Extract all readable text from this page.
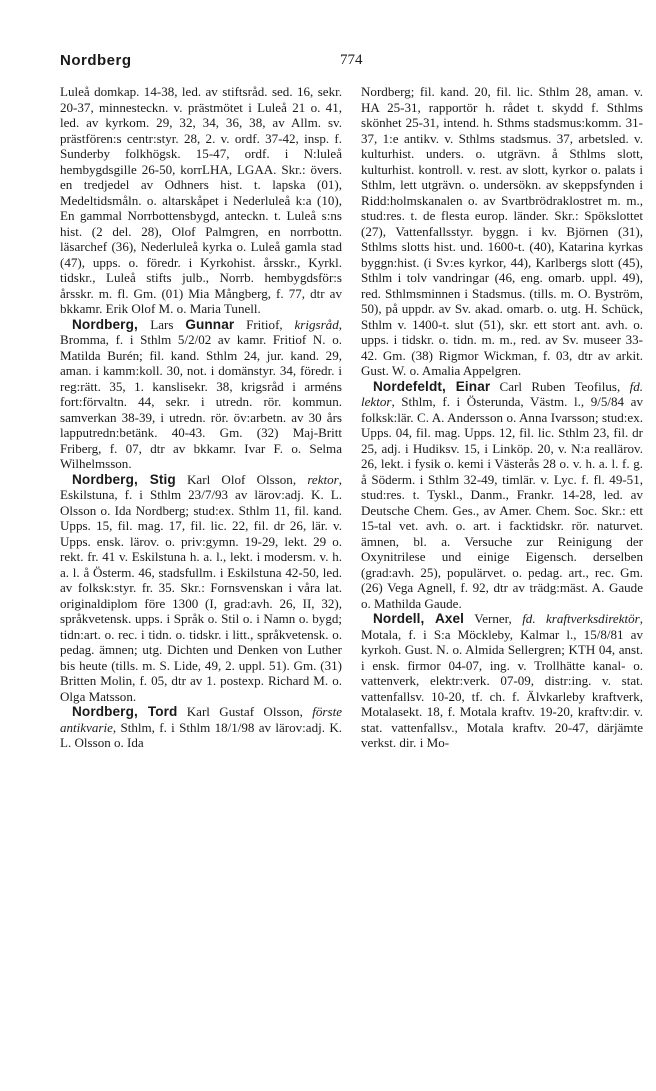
Nordberg	774

Luleå domkap. 14-38, led. av stiftsråd. sed. 16, sekr. 20-37, minnesteckn. v. prästmötet i Luleå 21 o. 41, led. av kyrkom. 29, 32, 34, 36, 38, av Allm. sv. prästfören:s centr:styr. 28, 2. v. ordf. 37-42, insp. f. Sunderby folkhögsk. 15-47, ordf. i N:luleå hembygdsgille 26-50, korrLHA, LGAA. Skr.: övers. en tredjedel av Odhners hist. t. lapska (01), Medeltidsmåln. o. altarskåpet i Nederluleå k:a (10), En gammal Norrbottensbygd, anteckn. t. Luleå s:ns hist. (2 del. 28), Olof Palmgren, en norrbottn. läsarchef (36), Nederluleå kyrka o. Luleå gamla stad (47), upps. o. föredr. i Kyrkohist. årsskr., Kyrkl. tidskr., Luleå stifts julb., Norrb. hembygdsför:s årsskr. m. fl. Gm. (01) Mia Mångberg, f. 77, dtr av bkkamr. Erik Olof M. o. Maria Tunell.

Nordberg, Lars Gunnar Fritiof, krigsråd, Bromma, f. i Sthlm 5/2/02 av kamr. Fritiof N. o. Matilda Burén; fil. kand. Sthlm 24, jur. kand. 29, aman. i kamm:koll. 30, not. i domänstyr. 34, föredr. i reg:rätt. 35, 1. kanslisekr. 38, krigsråd i arméns fort:förvaltn. 44, sekr. i utredn. rör. kommun. samverkan 38-39, i utredn. rör. öv:arbetn. av 30 års lapputredn:betänk. 40-43. Gm. (32) Maj-Britt Friberg, f. 07, dtr av bkkamr. Ivar F. o. Selma Wilhelmsson.

Nordberg, Stig Karl Olof Olsson, rektor, Eskilstuna, f. i Sthlm 23/7/93 av lärov:adj. K. L. Olsson o. Ida Nordberg; stud:ex. Sthlm 11, fil. kand. Upps. 15, fil. mag. 17, fil. lic. 22, fil. dr 26, lär. v. Upps. ensk. lärov. o. priv:gymn. 19-29, lekt. 29 o. rekt. fr. 41 v. Eskilstuna h. a. l., lekt. i modersm. v. h. a. l. å Österm. 46, stadsfullm. i Eskilstuna 42-50, led. av folksk:styr. fr. 35. Skr.: Fornsvenskan i våra lat. originaldiplom före 1300 (I, grad:avh. 26, II, 32), språkvetensk. upps. i Språk o. Stil o. i Namn o. bygd; tidn:art. o. rec. i tidn. o. tidskr. i litt., språkvetensk. o. pedag. ämnen; utg. Dichten und Denken von Luther bis heute (tills. m. S. Lide, 49, 2. uppl. 51). Gm. (31) Britten Molin, f. 05, dtr av 1. postexp. Richard M. o. Olga Matsson.

Nordberg, Tord Karl Gustaf Olsson, förste antikvarie, Sthlm, f. i Sthlm 18/1/98 av lärov:adj. K. L. Olsson o. Ida

Nordberg; fil. kand. 20, fil. lic. Sthlm 28, aman. v. HA 25-31, rapportör h. rådet t. skydd f. Sthlms skönhet 25-31, intend. h. Sthms stadsmus:komm. 31-37, 1:e antikv. v. Sthlms stadsmus. 37, arbetsled. v. kulturhist. unders. o. utgrävn. å Sthlms slott, kulturhist. kontroll. v. rest. av slott, kyrkor o. palats i Sthlm, lett utgrävn. o. undersökn. av skeppsfynden i Ridd:holmskanalen o. av Svartbrödraklostret m. m., stud:res. t. de flesta europ. länder. Skr.: Spökslottet (27), Vattenfallsstyr. byggn. i kv. Björnen (31), Sthlms slotts hist. und. 1600-t. (40), Katarina kyrkas byggn:hist. (i Sv:es kyrkor, 44), Karlbergs slott (45), Sthlm i tolv vandringar (46, eng. omarb. uppl. 49), red. Sthlmsminnen i Stadsmus. (tills. m. O. Byström, 50), på uppdr. av Sv. akad. omarb. o. utg. H. Schück, Sthlm v. 1400-t. slut (51), skr. ett stort ant. avh. o. upps. i tidskr. o. tidn. m. m., red. av Sv. museer 33-42. Gm. (38) Rigmor Wickman, f. 03, dtr av arkit. Gust. W. o. Amalia Appelgren.

Nordefeldt, Einar Carl Ruben Teofilus, fd. lektor, Sthlm, f. i Österunda, Västm. l., 9/5/84 av folksk:lär. C. A. Andersson o. Anna Ivarsson; stud:ex. Upps. 04, fil. mag. Upps. 12, fil. lic. Sthlm 23, fil. dr 25, adj. i Hudiksv. 15, i Linköp. 20, v. N:a reallärov. 26, lekt. i fysik o. kemi i Västerås 28 o. v. h. a. l. f. g. å Söderm. i Sthlm 32-49, timlär. v. Lyc. f. fl. 49-51, stud:res. t. Tyskl., Danm., Frankr. 14-28, led. av Deutsche Chem. Ges., av Amer. Chem. Soc. Skr.: ett 15-tal vet. avh. o. art. i facktidskr. rör. naturvet. ämnen, bl. a. Versuche zur Reinigung der Oxynitrilese und einige Eigensch. derselben (grad:avh. 25), populärvet. o. pedag. art., rec. Gm. (26) Vega Agnell, f. 92, dtr av trädg:mäst. A. Gaude o. Mathilda Gaude.

Nordell, Axel Verner, fd. kraftverksdirektör, Motala, f. i S:a Möckleby, Kalmar l., 15/8/81 av kyrkoh. Gust. N. o. Almida Sellergren; KTH 04, anst. i ensk. firmor 04-07, ing. v. Trollhätte kanal- o. vattenverk, elektr:verk. 07-09, distr:ing. v. stat. vattenfallsv. 10-20, tf. ch. f. Älvkarleby kraftverk, Motalasekt. 18, f. Motala kraftv. 19-20, kraftv:dir. v. stat. vattenfallsv., Motala kraftv. 20-47, därjämte verkst. dir. i Mo-
